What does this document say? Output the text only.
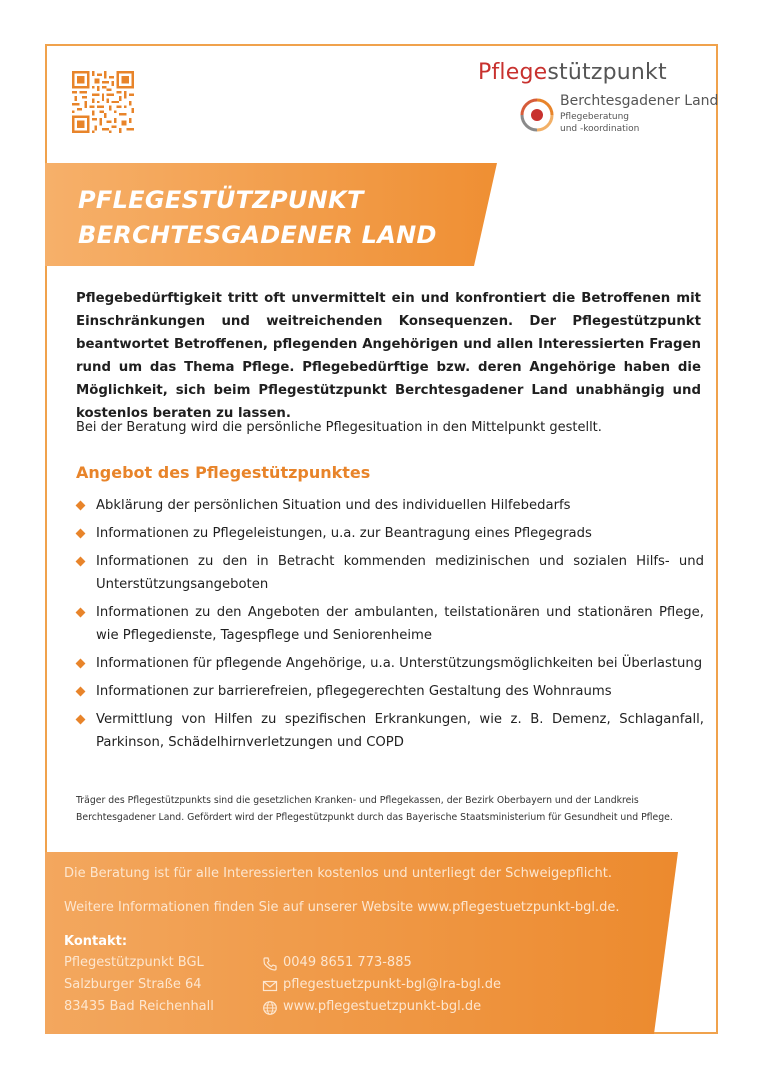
Pflegestützpunkt
Berchtesgadener Land
Pflegeberatung
und -koordination
PFLEGESTÜTZPUNKT
BERCHTESGADENER LAND
Pflegebedürftigkeit tritt oft unvermittelt ein und konfrontiert die Betroffenen mit Einschränkungen und weitreichenden Konsequenzen. Der Pflegestützpunkt beantwortet Betroffenen, pflegenden Angehörigen und allen Interessierten Fragen rund um das Thema Pflege. Pflegebedürftige bzw. deren Angehörige haben die Möglichkeit, sich beim Pflegestützpunkt Berchtesgadener Land unabhängig und kostenlos beraten zu lassen.
Bei der Beratung wird die persönliche Pflegesituation in den Mittelpunkt gestellt.
Angebot des Pflegestützpunktes
Abklärung der persönlichen Situation und des individuellen Hilfebedarfs
Informationen zu Pflegeleistungen, u.a. zur Beantragung eines Pflegegrads
Informationen zu den in Betracht kommenden medizinischen und sozialen Hilfs- und Unterstützungsangeboten
Informationen zu den Angeboten der ambulanten, teilstationären und stationären Pflege, wie Pflegedienste, Tagespflege und Seniorenheime
Informationen für pflegende Angehörige, u.a. Unterstützungsmöglichkeiten bei Überlastung
Informationen zur barrierefreien, pflegegerechten Gestaltung des Wohnraums
Vermittlung von Hilfen zu spezifischen Erkrankungen, wie z. B. Demenz, Schlaganfall, Parkinson, Schädelhirnverletzungen und COPD
Träger des Pflegestützpunkts sind die gesetzlichen Kranken- und Pflegekassen, der Bezirk Oberbayern und der Landkreis Berchtesgadener Land. Gefördert wird der Pflegestützpunkt durch das Bayerische Staatsministerium für Gesundheit und Pflege.
Die Beratung ist für alle Interessierten kostenlos und unterliegt der Schweigepflicht.
Weitere Informationen finden Sie auf unserer Website www.pflegestuetzpunkt-bgl.de.
Kontakt:
Pflegestützpunkt BGL
Salzburger Straße 64
83435 Bad Reichenhall
0049 8651 773-885
pflegestuetzpunkt-bgl@lra-bgl.de
www.pflegestuetzpunkt-bgl.de
